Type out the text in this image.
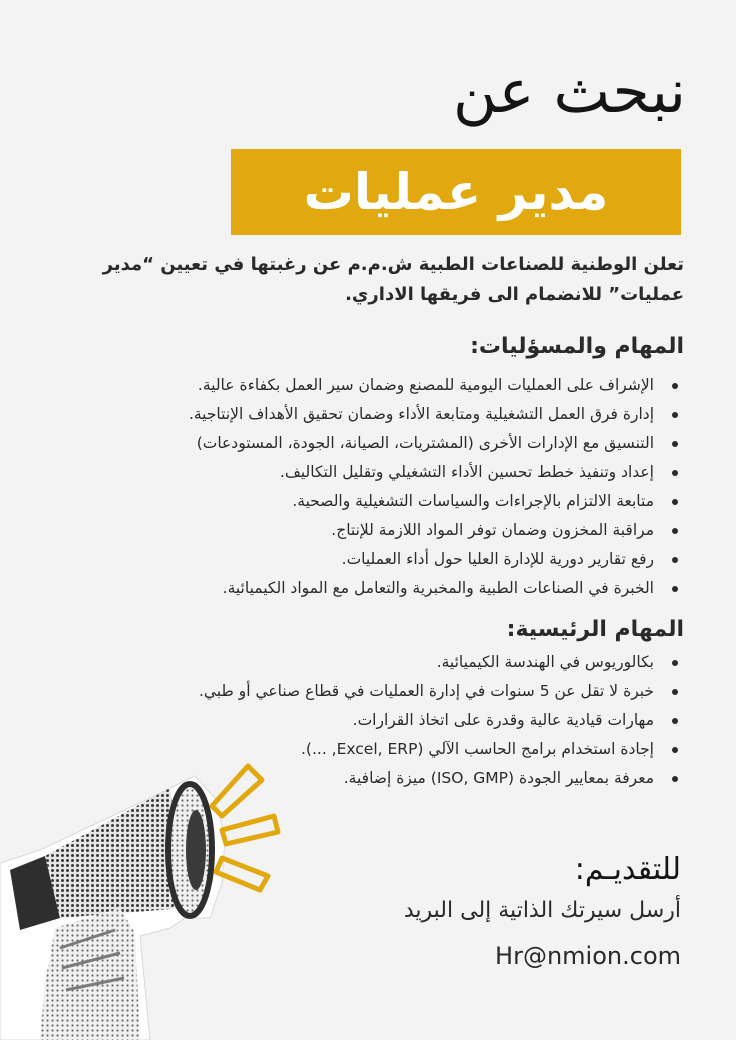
نبحث عن
مدير عمليات
تعلن الوطنية للصناعات الطبية ش.م.م عن رغبتها في تعيين “مدير عمليات” للانضمام الى فريقها الاداري.
المهام والمسؤليات:
الإشراف على العمليات اليومية للمصنع وضمان سير العمل بكفاءة عالية.
إدارة فرق العمل التشغيلية ومتابعة الأداء وضمان تحقيق الأهداف الإنتاجية.
التنسيق مع الإدارات الأخرى (المشتريات، الصيانة، الجودة، المستودعات)
إعداد وتنفيذ خطط تحسين الأداء التشغيلي وتقليل التكاليف.
متابعة الالتزام بالإجراءات والسياسات التشغيلية والصحية.
مراقبة المخزون وضمان توفر المواد اللازمة للإنتاج.
رفع تقارير دورية للإدارة العليا حول أداء العمليات.
الخبرة في الصناعات الطبية والمخبرية والتعامل مع المواد الكيميائية.
المهام الرئيسية:
بكالوريوس في الهندسة الكيميائية.
خبرة لا تقل عن 5 سنوات في إدارة العمليات في قطاع صناعي أو طبي.
مهارات قيادية عالية وقدرة على اتخاذ القرارات.
إجادة استخدام برامج الحاسب الآلي (Excel, ERP, ...).
معرفة بمعايير الجودة (ISO, GMP) ميزة إضافية.
للتقديـم:
أرسل سيرتك الذاتية إلى البريد
Hr@nmion.com
